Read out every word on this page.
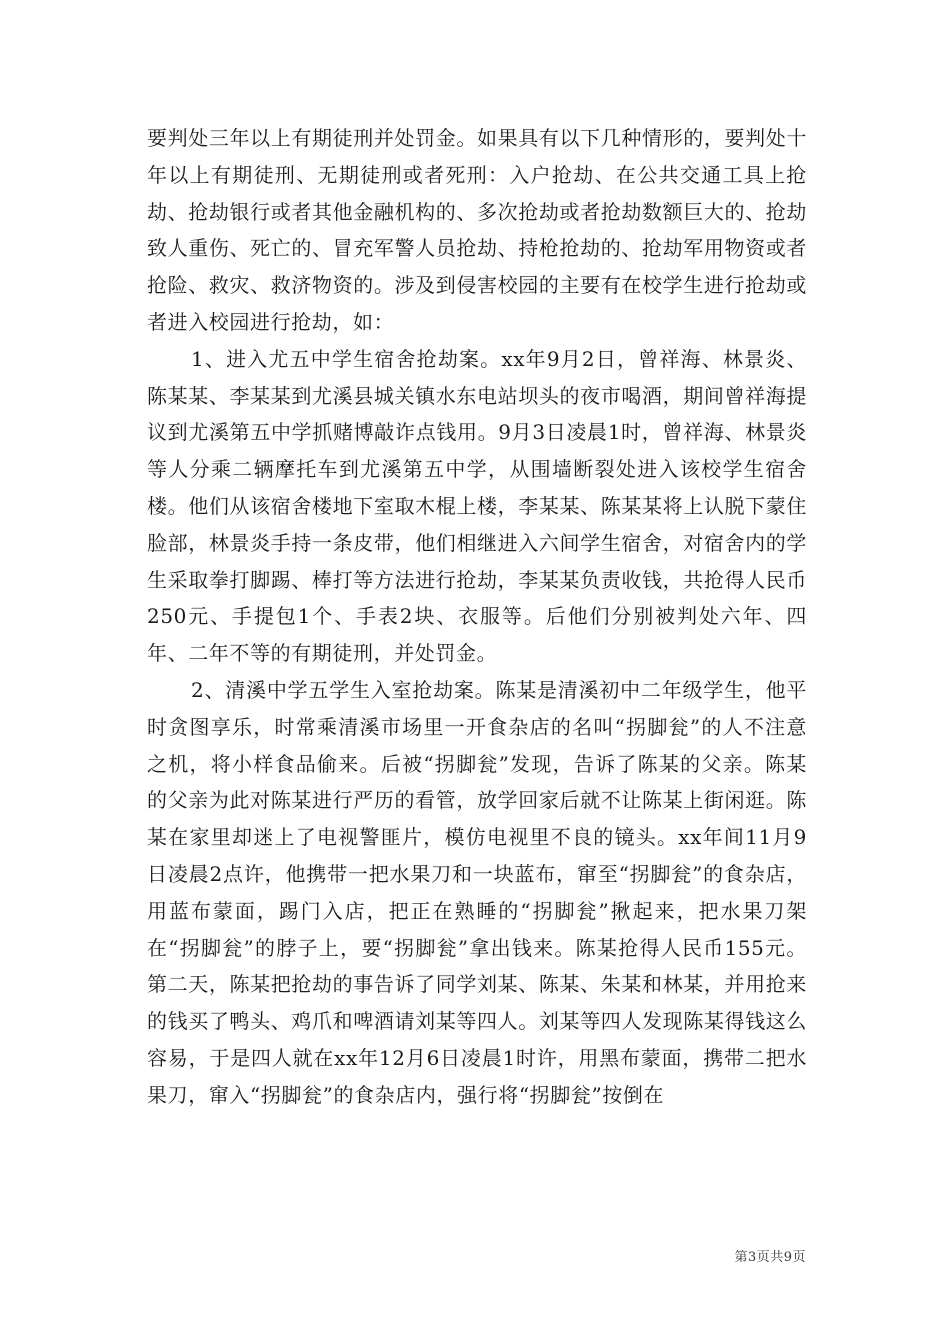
要判处三年以上有期徒刑并处罚金。如果具有以下几种情形的，要判处十年以上有期徒刑、无期徒刑或者死刑：入户抢劫、在公共交通工具上抢劫、抢劫银行或者其他金融机构的、多次抢劫或者抢劫数额巨大的、抢劫致人重伤、死亡的、冒充军警人员抢劫、持枪抢劫的、抢劫军用物资或者抢险、救灾、救济物资的。涉及到侵害校园的主要有在校学生进行抢劫或者进入校园进行抢劫，如：

1、进入尤五中学生宿舍抢劫案。xx年9月2日，曾祥海、林景炎、陈某某、李某某到尤溪县城关镇水东电站坝头的夜市喝酒，期间曾祥海提议到尤溪第五中学抓赌博敲诈点钱用。9月3日凌晨1时，曾祥海、林景炎等人分乘二辆摩托车到尤溪第五中学，从围墙断裂处进入该校学生宿舍楼。他们从该宿舍楼地下室取木棍上楼，李某某、陈某某将上认脱下蒙住脸部，林景炎手持一条皮带，他们相继进入六间学生宿舍，对宿舍内的学生采取拳打脚踢、棒打等方法进行抢劫，李某某负责收钱，共抢得人民币250元、手提包1个、手表2块、衣服等。后他们分别被判处六年、四年、二年不等的有期徒刑，并处罚金。

2、清溪中学五学生入室抢劫案。陈某是清溪初中二年级学生，他平时贪图享乐，时常乘清溪市场里一开食杂店的名叫“拐脚瓮”的人不注意之机，将小样食品偷来。后被“拐脚瓮”发现，告诉了陈某的父亲。陈某的父亲为此对陈某进行严历的看管，放学回家后就不让陈某上街闲逛。陈某在家里却迷上了电视警匪片，模仿电视里不良的镜头。xx年间11月9日凌晨2点许，他携带一把水果刀和一块蓝布，窜至“拐脚瓮”的食杂店，用蓝布蒙面，踢门入店，把正在熟睡的“拐脚瓮”揪起来，把水果刀架在“拐脚瓮”的脖子上，要“拐脚瓮”拿出钱来。陈某抢得人民币155元。第二天，陈某把抢劫的事告诉了同学刘某、陈某、朱某和林某，并用抢来的钱买了鸭头、鸡爪和啤酒请刘某等四人。刘某等四人发现陈某得钱这么容易，于是四人就在xx年12月6日凌晨1时许，用黑布蒙面，携带二把水果刀，窜入“拐脚瓮”的食杂店内，强行将“拐脚瓮”按倒在

第3页共9页
